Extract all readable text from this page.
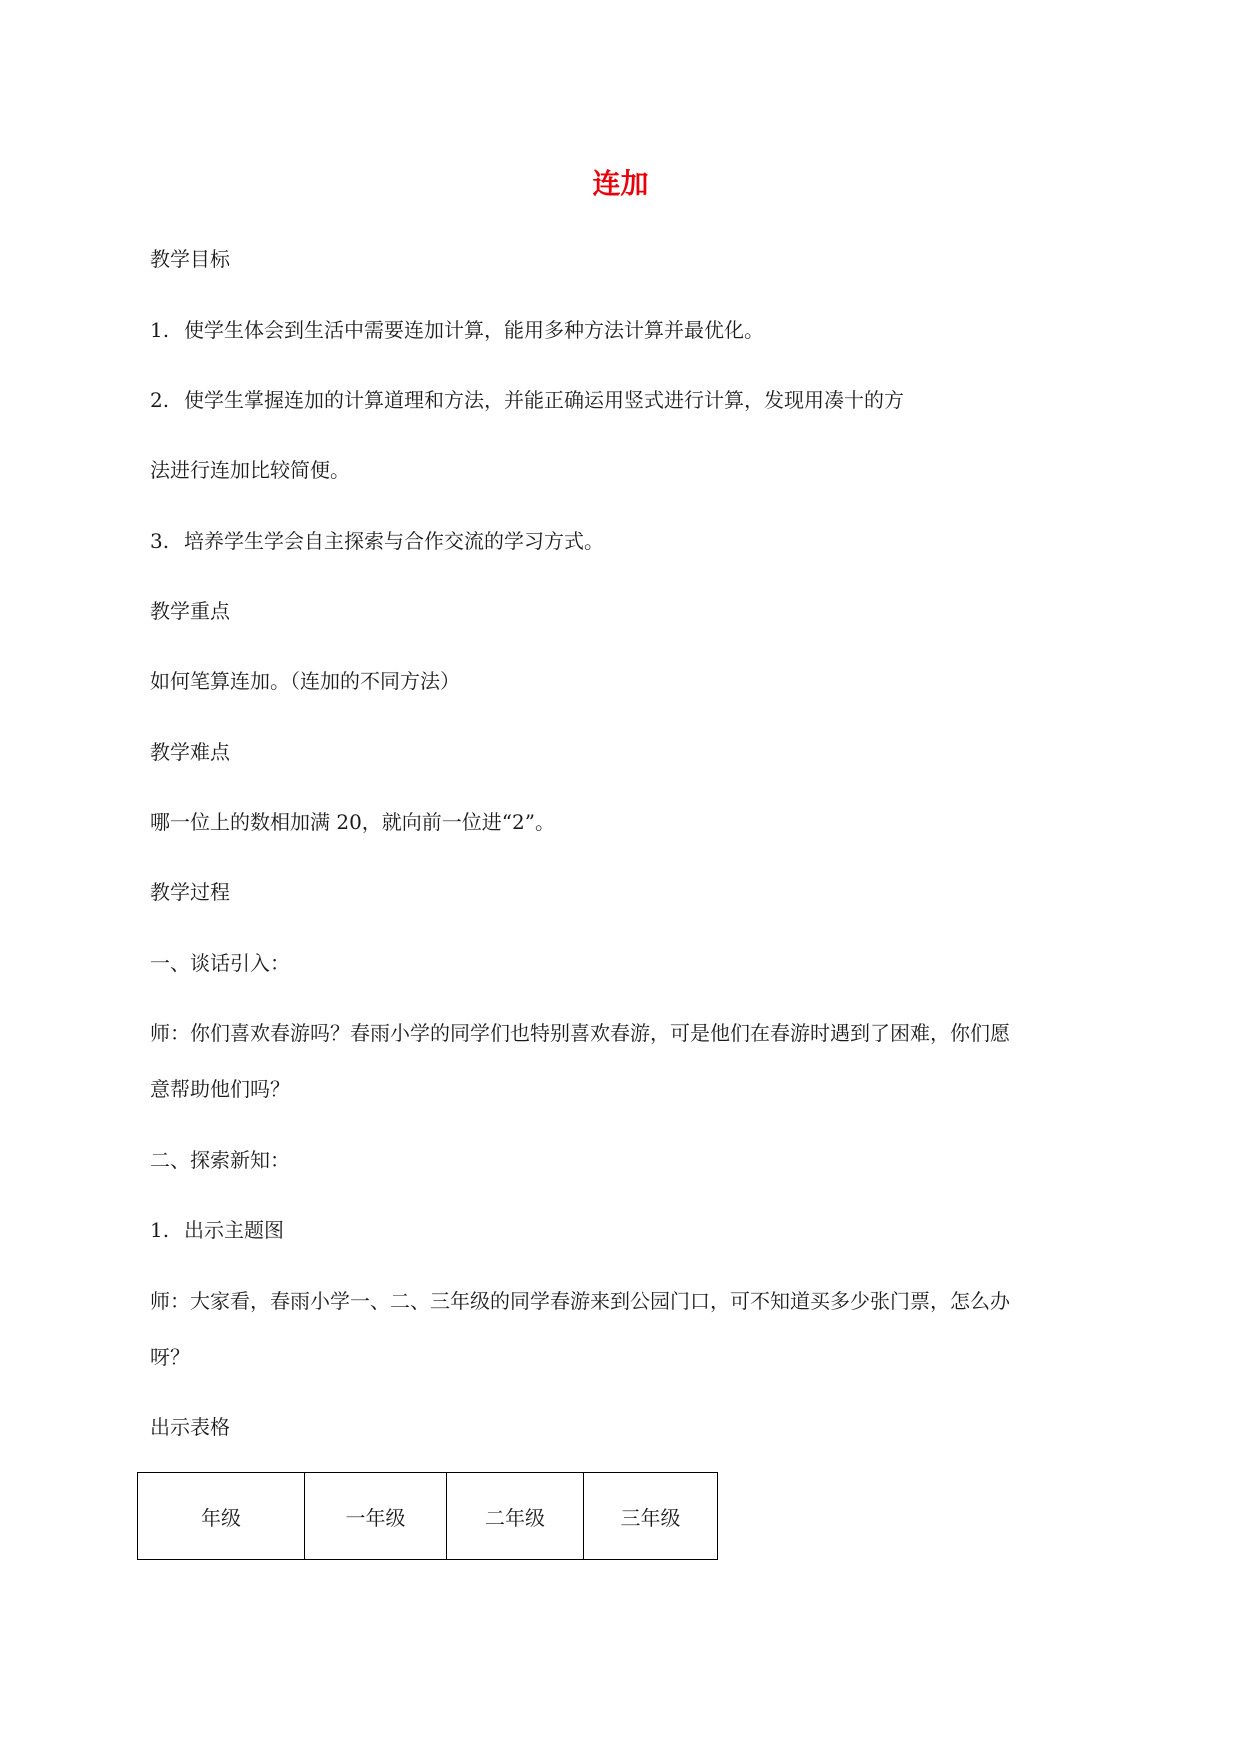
连加

教学目标

1. 使学生体会到生活中需要连加计算，能用多种方法计算并最优化。

2. 使学生掌握连加的计算道理和方法，并能正确运用竖式进行计算，发现用凑十的方

法进行连加比较简便。

3. 培养学生学会自主探索与合作交流的学习方式。

教学重点

如何笔算连加。（连加的不同方法）

教学难点

哪一位上的数相加满 20，就向前一位进“2”。

教学过程

一、谈话引入：

师：你们喜欢春游吗？春雨小学的同学们也特别喜欢春游，可是他们在春游时遇到了困难，你们愿

意帮助他们吗？

二、探索新知：

1. 出示主题图

师：大家看，春雨小学一、二、三年级的同学春游来到公园门口，可不知道买多少张门票，怎么办

呀？

出示表格

年级	一年级	二年级	三年级
